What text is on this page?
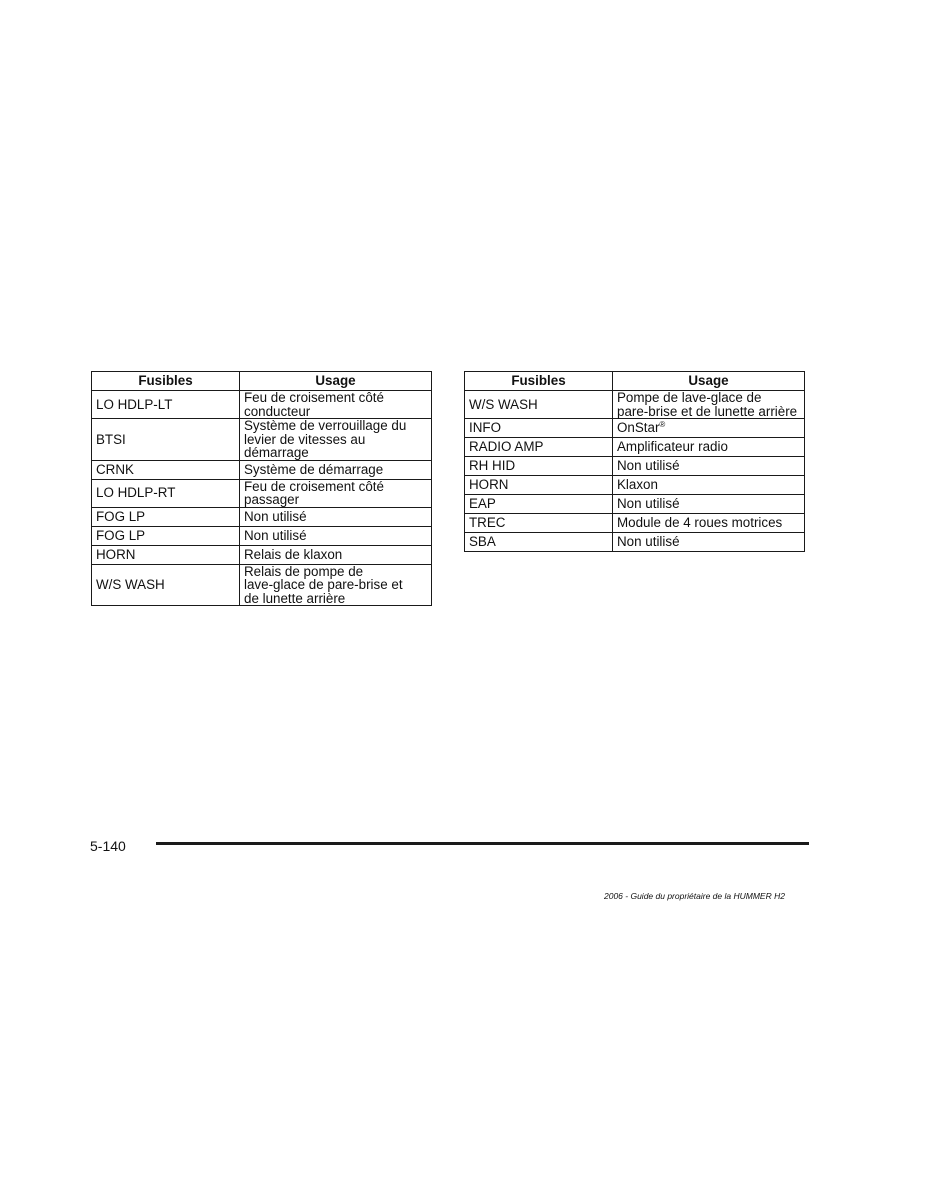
Fusibles	Usage
LO HDLP-LT	Feu de croisement côté
conducteur

BTSI	Système de verrouillage du
levier de vitesses au
démarrage

CRNK	Système de démarrage

LO HDLP-RT	Feu de croisement côté
passager

FOG LP	Non utilisé

FOG LP	Non utilisé

HORN	Relais de klaxon

W/S WASH	Relais de pompe de
lave-glace de pare-brise et
de lunette arrière
Fusibles	Usage
W/S WASH	Pompe de lave-glace de
pare-brise et de lunette arrière

INFO	OnStar®

RADIO AMP	Amplificateur radio

RH HID	Non utilisé

HORN	Klaxon

EAP	Non utilisé

TREC	Module de 4 roues motrices

SBA	Non utilisé
5-140
2006 - Guide du propriétaire de la HUMMER H2
